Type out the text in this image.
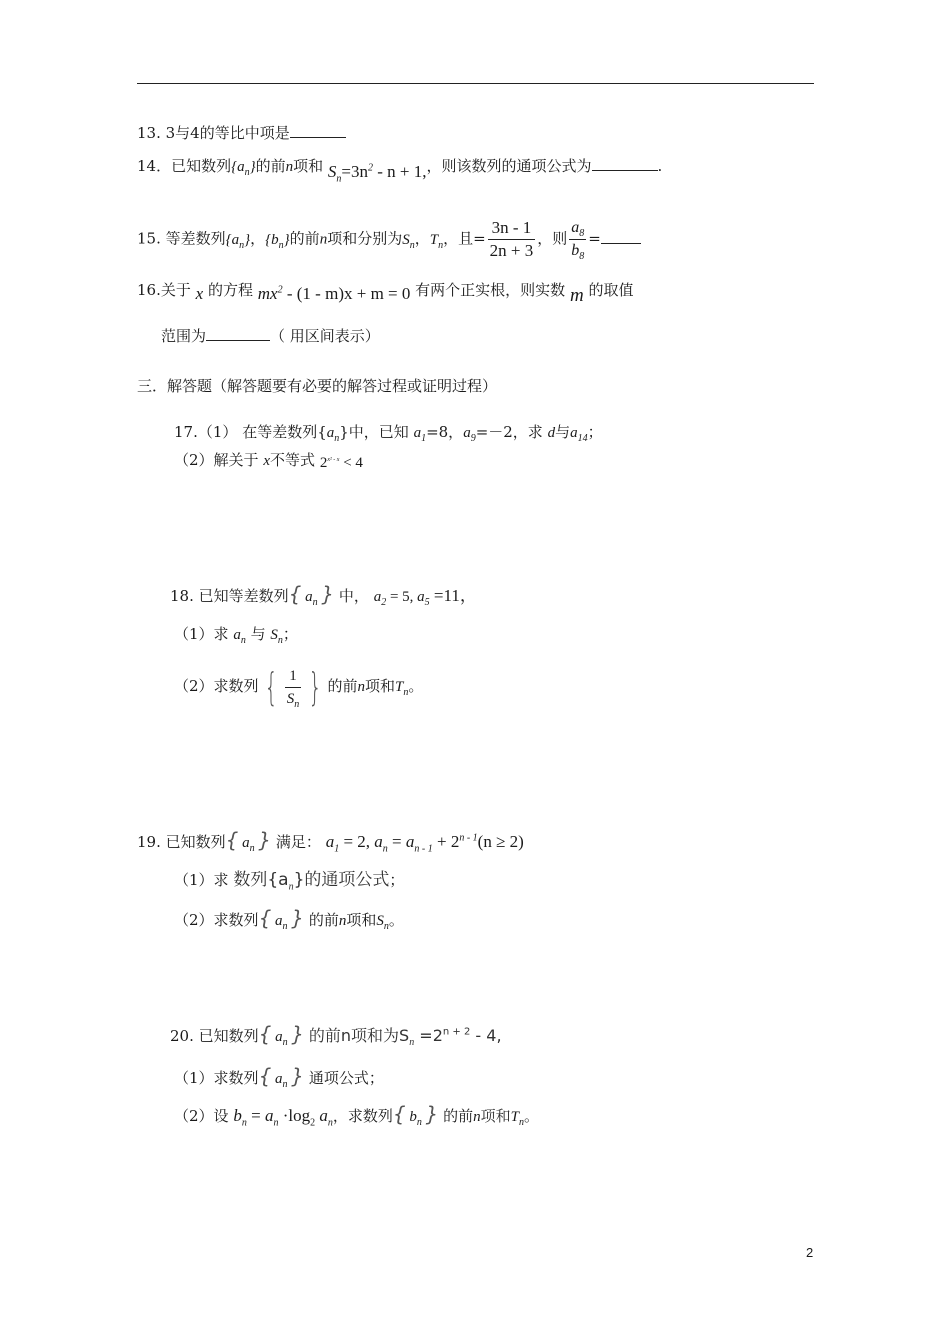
13. 3与4的等比中项是
14．已知数列$\{a_n\}$的前n项和 $S_n=3n^2 - n + 1$,，则该数列的通项公式为	.
15. 等差数列$\{a_n\}$，$\{b_n\}$的前n项和分别为$S_n$，$T_n$，且= $\frac{3n - 1}{2n + 3}$ ，则 $\frac{a_8}{b_8}$ =
16.关于 x 的方程 $mx^2 - (1 - m)x + m = 0$ 有两个正实根，则实数 m 的取值
范围为	（ 用区间表示）
三．解答题（解答题要有必要的解答过程或证明过程）
17.（1） 在等差数列$\{a_n\}$中，已知 $a_1=8$，$a_9=-2$，求 d与$a_{14}$；
（2）解关于 x不等式 $2^{x^2 - x} < 4$
18. 已知等差数列{ $a_n$ } 中， $a_2 = 5$, $a_5 =11$，
（1）求 $a_n$ 与 $S_n$；
（2）求数列 { $\frac{1}{S_n}$ } 的前n项和$T_n$。
19. 已知数列{ $a_n$ } 满足： $a_1 = 2$, $a_n = a_{n - 1} + 2^{n - 1}(n \ge 2)$
（1）求 数列$\{a_n\}$的通项公式；
（2）求数列{ $a_n$ } 的前n项和$S_n$。
20. 已知数列{ $a_n$ } 的前n项和为$S_n =2^{n + 2} - 4$,
（1）求数列{ $a_n$ } 通项公式；
（2）设 $b_n = a_n \cdot\log_2$ $a_n$，求数列{ $b_n$ } 的前n项和$T_n$。
2
